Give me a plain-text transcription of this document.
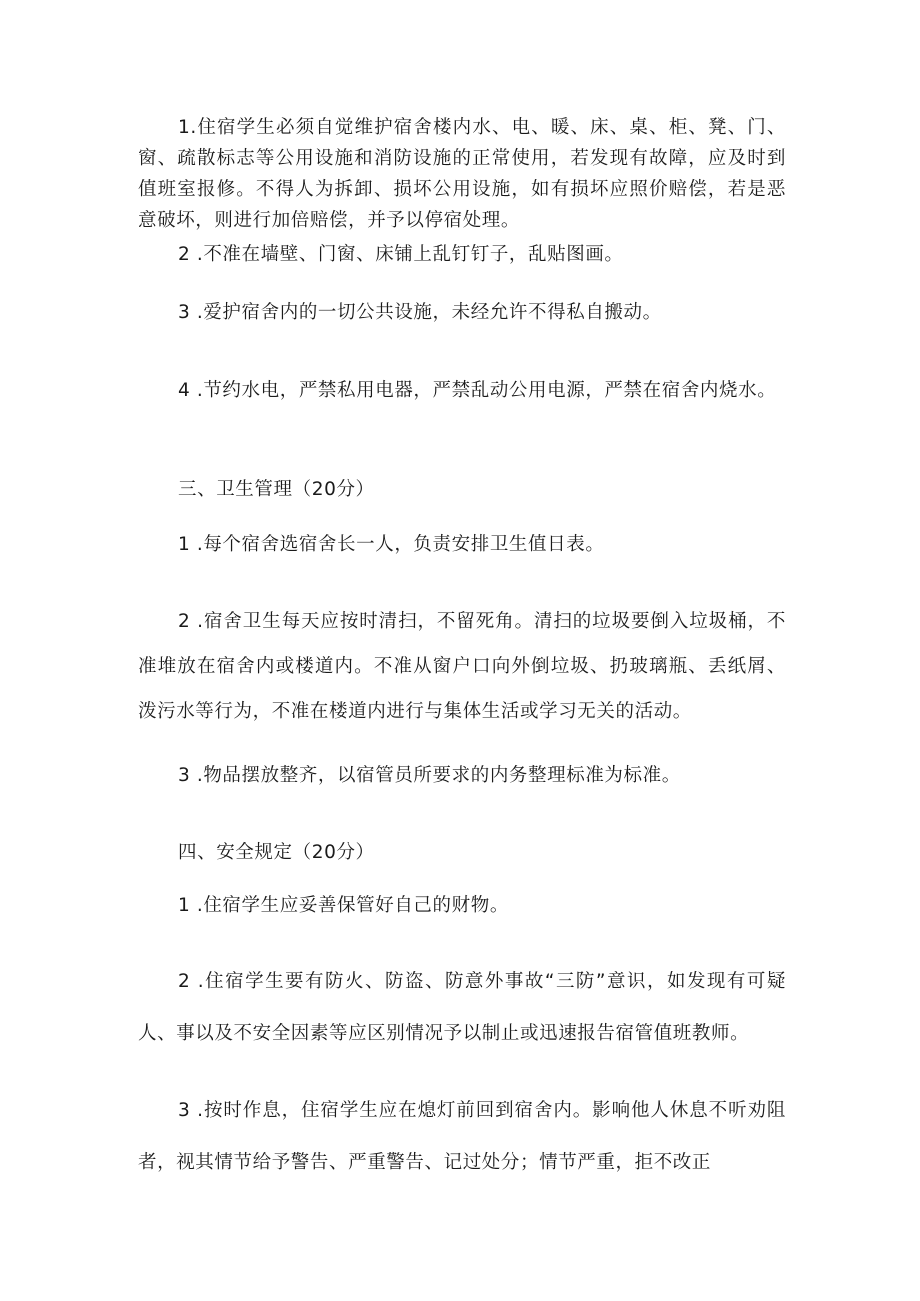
1.住宿学生必须自觉维护宿舍楼内水、电、暖、床、桌、柜、凳、门、窗、疏散标志等公用设施和消防设施的正常使用，若发现有故障，应及时到值班室报修。不得人为拆卸、损坏公用设施，如有损坏应照价赔偿，若是恶意破坏，则进行加倍赔偿，并予以停宿处理。

2 .不准在墙壁、门窗、床铺上乱钉钉子，乱贴图画。

3 .爱护宿舍内的一切公共设施，未经允许不得私自搬动。

4 .节约水电，严禁私用电器，严禁乱动公用电源，严禁在宿舍内烧水。

三、卫生管理（20分）

1 .每个宿舍选宿舍长一人，负责安排卫生值日表。

2 .宿舍卫生每天应按时清扫，不留死角。清扫的垃圾要倒入垃圾桶，不准堆放在宿舍内或楼道内。不准从窗户口向外倒垃圾、扔玻璃瓶、丢纸屑、泼污水等行为，不准在楼道内进行与集体生活或学习无关的活动。

3 .物品摆放整齐，以宿管员所要求的内务整理标准为标准。

四、安全规定（20分）

1 .住宿学生应妥善保管好自己的财物。

2 .住宿学生要有防火、防盗、防意外事故“三防”意识，如发现有可疑人、事以及不安全因素等应区别情况予以制止或迅速报告宿管值班教师。

3 .按时作息，住宿学生应在熄灯前回到宿舍内。影响他人休息不听劝阻者，视其情节给予警告、严重警告、记过处分；情节严重，拒不改正
